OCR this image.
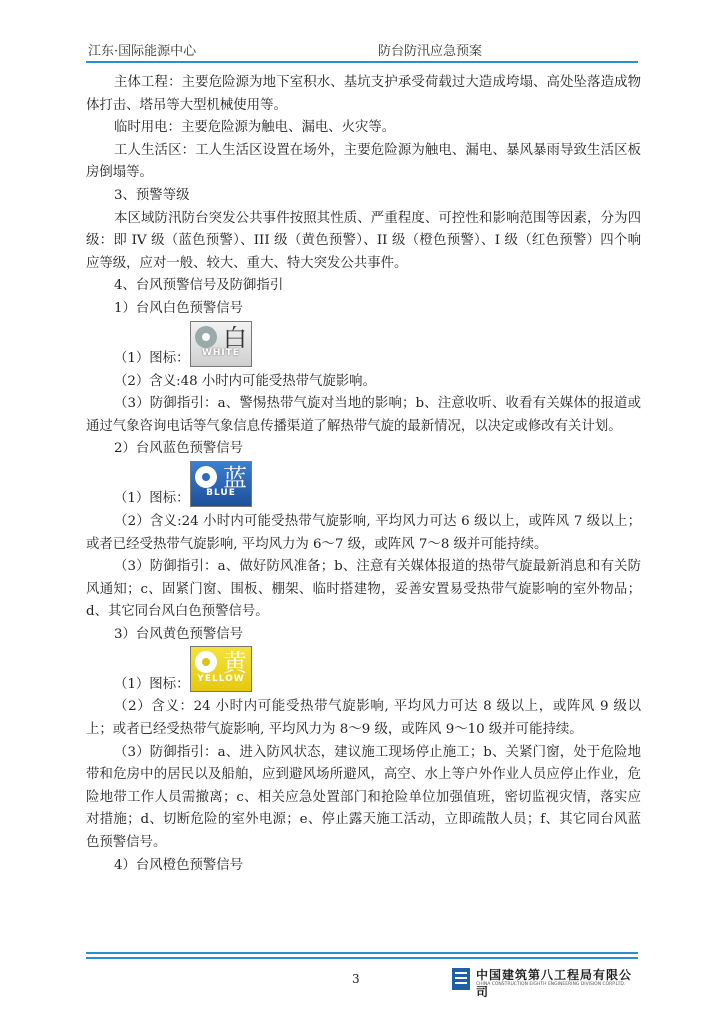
江东·国际能源中心	防台防汛应急预案

主体工程：主要危险源为地下室积水、基坑支护承受荷载过大造成垮塌、高处坠落造成物体打击、塔吊等大型机械使用等。

临时用电：主要危险源为触电、漏电、火灾等。

工人生活区：工人生活区设置在场外，主要危险源为触电、漏电、暴风暴雨导致生活区板房倒塌等。

3、预警等级

本区域防汛防台突发公共事件按照其性质、严重程度、可控性和影响范围等因素，分为四级：即 IV 级（蓝色预警）、III 级（黄色预警）、II 级（橙色预警）、I 级（红色预警）四个响应等级，应对一般、较大、重大、特大突发公共事件。

4、台风预警信号及防御指引

1）台风白色预警信号

（1）图标：
白
WHITE

（2）含义:48 小时内可能受热带气旋影响。

（3）防御指引：a、警惕热带气旋对当地的影响；b、注意收听、收看有关媒体的报道或通过气象咨询电话等气象信息传播渠道了解热带气旋的最新情况，以决定或修改有关计划。

2）台风蓝色预警信号

（1）图标：
蓝
BLUE

（2）含义:24 小时内可能受热带气旋影响, 平均风力可达 6 级以上，或阵风 7 级以上；或者已经受热带气旋影响, 平均风力为 6～7 级，或阵风 7～8 级并可能持续。

（3）防御指引：a、做好防风准备；b、注意有关媒体报道的热带气旋最新消息和有关防风通知；c、固紧门窗、围板、棚架、临时搭建物，妥善安置易受热带气旋影响的室外物品；d、其它同台风白色预警信号。

3）台风黄色预警信号

（1）图标：
黄
YELLOW

（2）含义：24 小时内可能受热带气旋影响, 平均风力可达 8 级以上，或阵风 9 级以上；或者已经受热带气旋影响, 平均风力为 8～9 级，或阵风 9～10 级并可能持续。

（3）防御指引：a、进入防风状态，建议施工现场停止施工；b、关紧门窗，处于危险地带和危房中的居民以及船舶，应到避风场所避风，高空、水上等户外作业人员应停止作业，危险地带工作人员需撤离；c、相关应急处置部门和抢险单位加强值班，密切监视灾情，落实应对措施；d、切断危险的室外电源；e、停止露天施工活动，立即疏散人员；f、其它同台风蓝色预警信号。

4）台风橙色预警信号

3	中国建筑第八工程局有限公司
CHINA CONSTRUCTION EIGHTH ENGINEERING DIVISION CORP.LTD.
